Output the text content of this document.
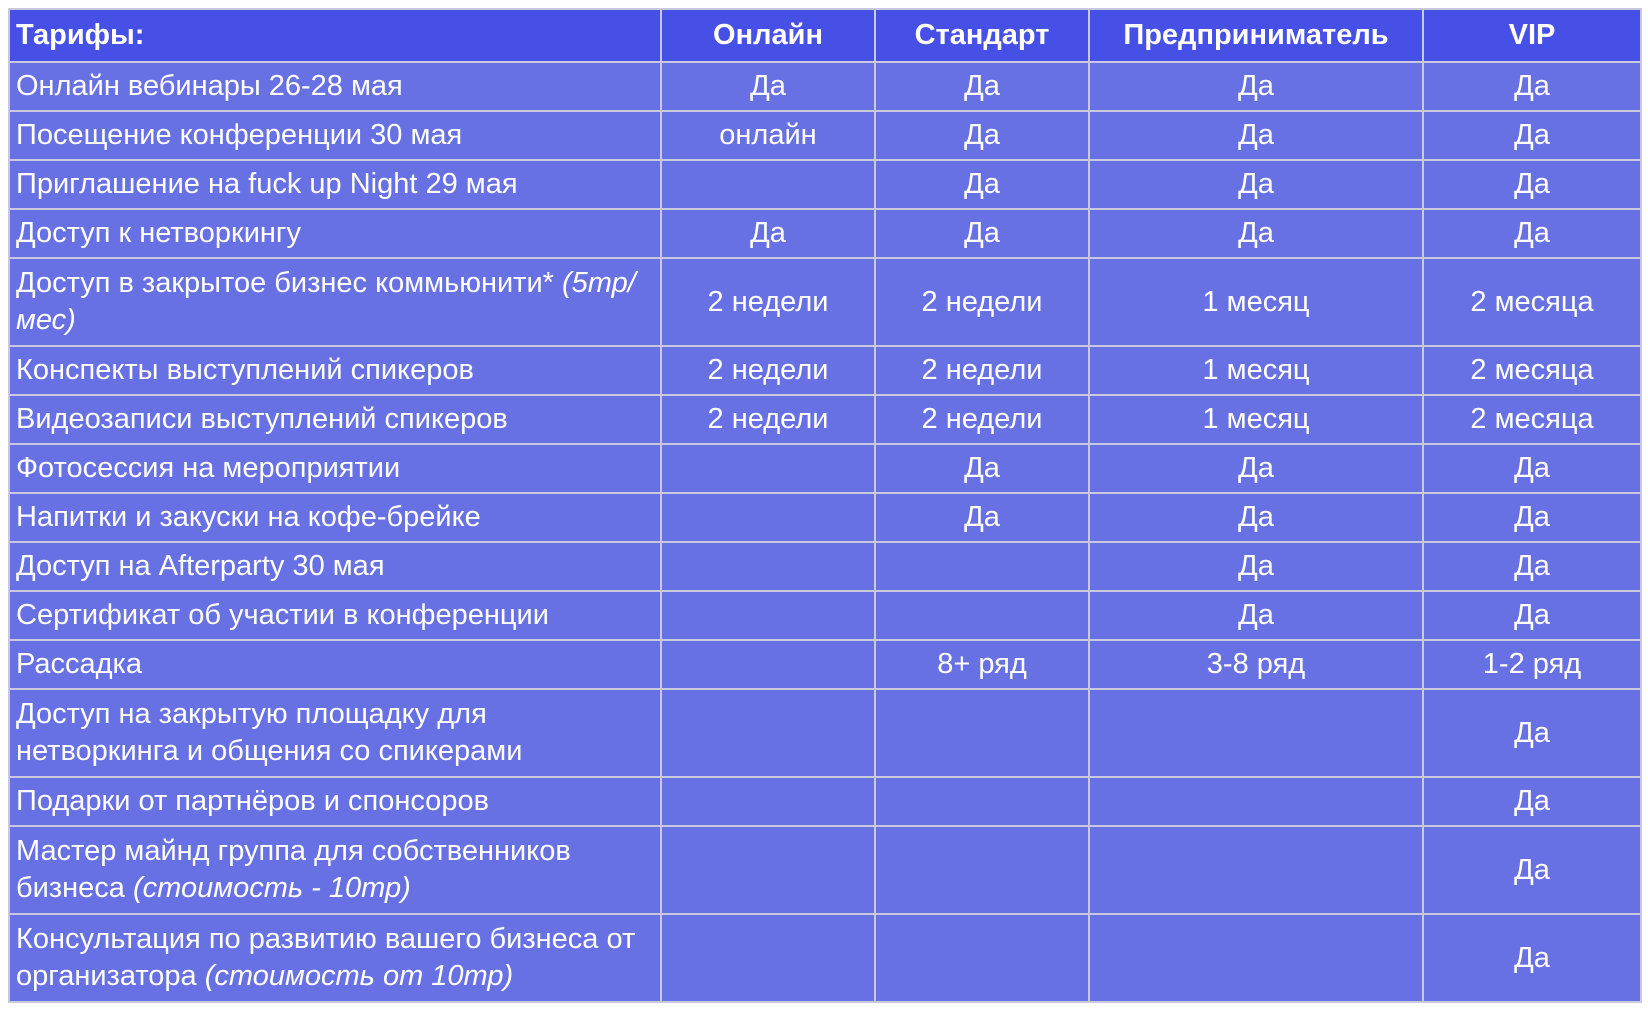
Тарифы:	Онлайн	Стандарт	Предприниматель	VIP
Онлайн вебинары 26-28 мая	Да	Да	Да	Да
Посещение конференции 30 мая	онлайн	Да	Да	Да
Приглашение на fuck up Night 29 мая		Да	Да	Да
Доступ к нетворкингу	Да	Да	Да	Да
Доступ в закрытое бизнес коммьюнити* (5тр/мес)	2 недели	2 недели	1 месяц	2 месяца
Конспекты выступлений спикеров	2 недели	2 недели	1 месяц	2 месяца
Видеозаписи выступлений спикеров	2 недели	2 недели	1 месяц	2 месяца
Фотосессия на мероприятии		Да	Да	Да
Напитки и закуски на кофе-брейке		Да	Да	Да
Доступ на Afterparty 30 мая			Да	Да
Сертификат об участии в конференции			Да	Да
Рассадка		8+ ряд	3-8 ряд	1-2 ряд
Доступ на закрытую площадку для нетворкинга и общения со спикерами				Да
Подарки от партнёров и спонсоров				Да
Мастер майнд группа для собственников бизнеса (стоимость - 10тр)				Да
Консультация по развитию вашего бизнеса от организатора (стоимость от 10тр)				Да
